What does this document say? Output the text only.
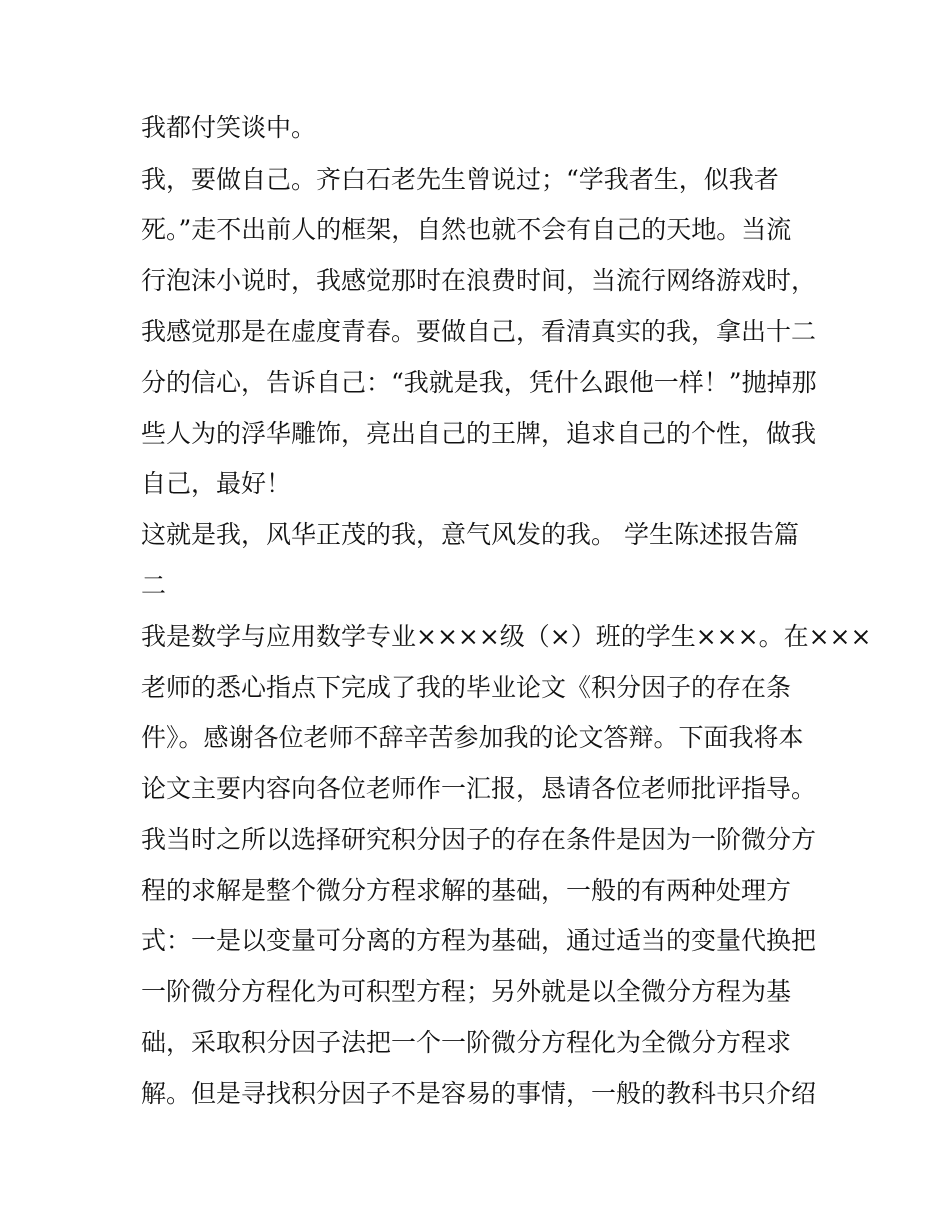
我都付笑谈中。
我，要做自己。齐白石老先生曾说过；“学我者生，似我者
死。”走不出前人的框架，自然也就不会有自己的天地。当流
行泡沫小说时，我感觉那时在浪费时间，当流行网络游戏时，
我感觉那是在虚度青春。要做自己，看清真实的我，拿出十二
分的信心，告诉自己：“我就是我，凭什么跟他一样！”抛掉那
些人为的浮华雕饰，亮出自己的王牌，追求自己的个性，做我
自己，最好！
这就是我，风华正茂的我，意气风发的我。 学生陈述报告篇
二
我是数学与应用数学专业××××级（×）班的学生×××。在×××
老师的悉心指点下完成了我的毕业论文《积分因子的存在条
件》。感谢各位老师不辞辛苦参加我的论文答辩。下面我将本
论文主要内容向各位老师作一汇报，恳请各位老师批评指导。
我当时之所以选择研究积分因子的存在条件是因为一阶微分方
程的求解是整个微分方程求解的基础，一般的有两种处理方
式：一是以变量可分离的方程为基础，通过适当的变量代换把
一阶微分方程化为可积型方程；另外就是以全微分方程为基
础，采取积分因子法把一个一阶微分方程化为全微分方程求
解。但是寻找积分因子不是容易的事情，一般的教科书只介绍
